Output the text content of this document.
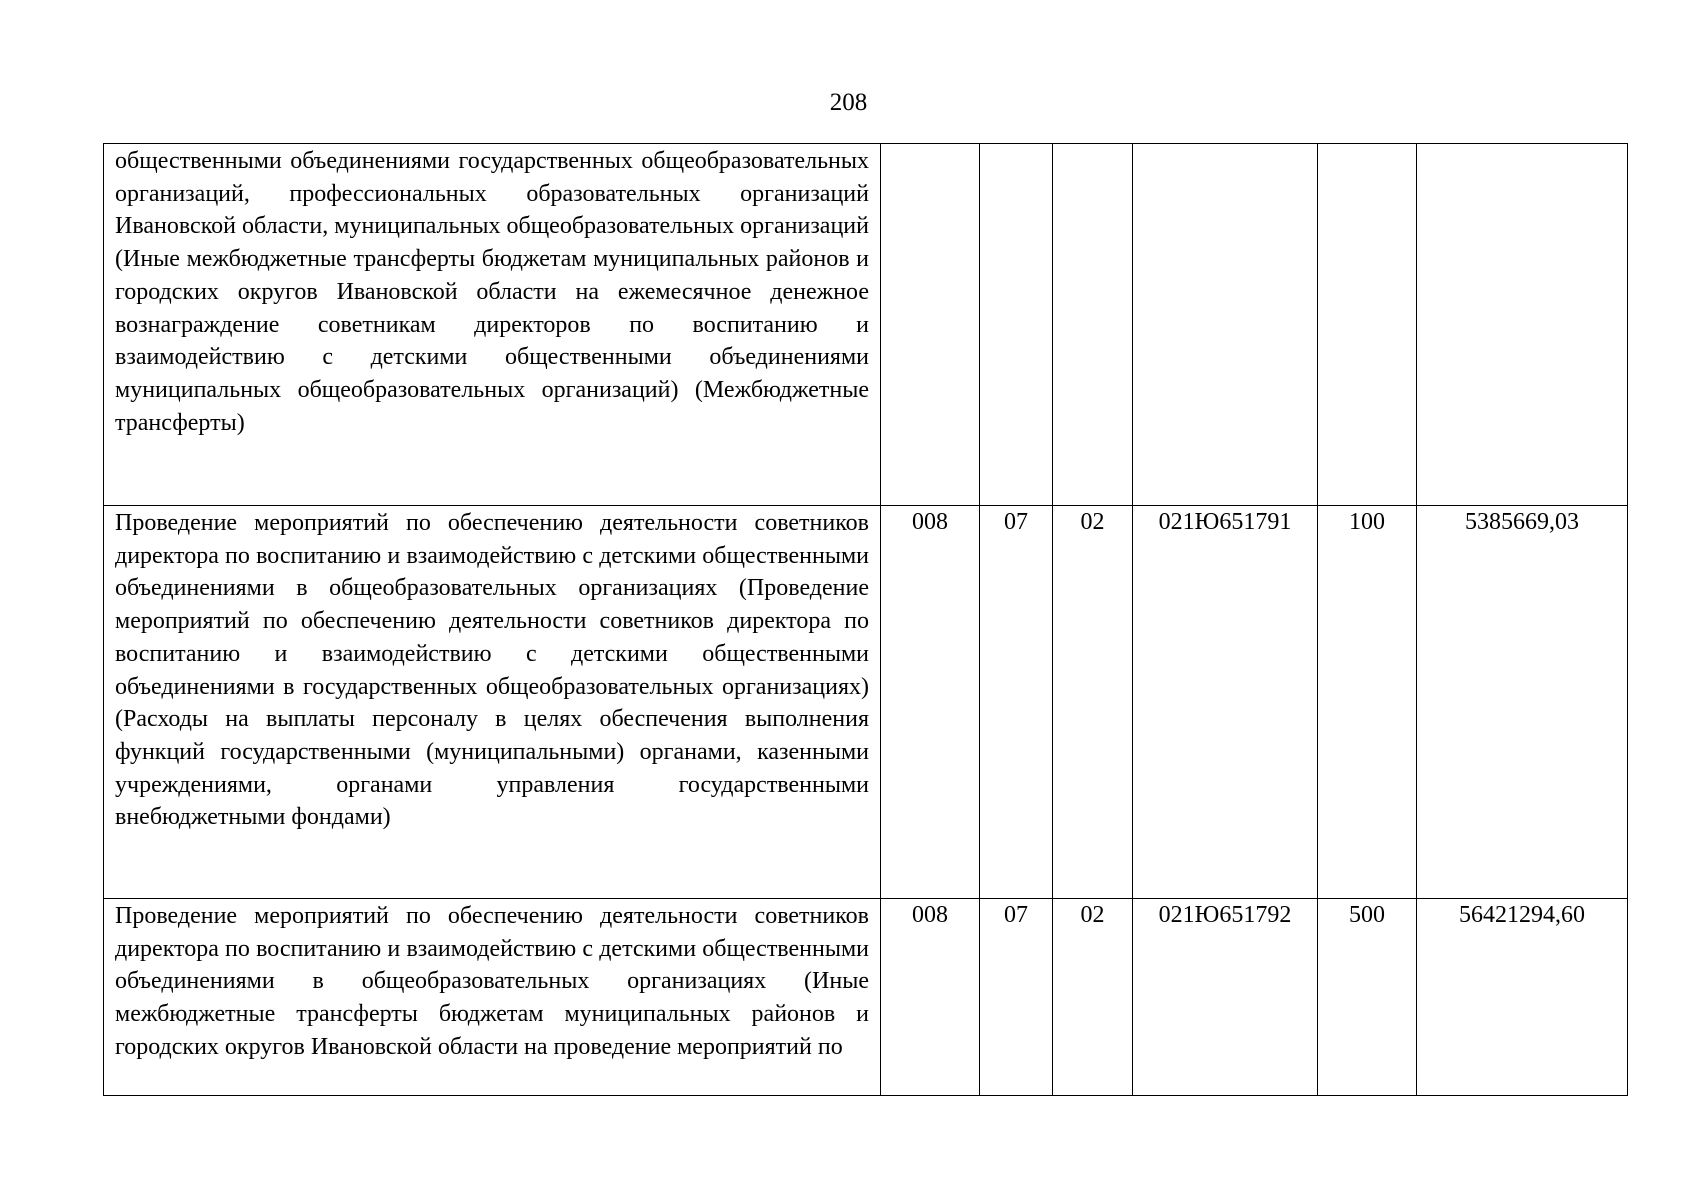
208
общественными объединениями государственных общеобразовательных организаций, профессиональных образовательных организаций Ивановской области, муниципальных общеобразовательных организаций (Иные межбюджетные трансферты бюджетам муниципальных районов и городских округов Ивановской области на ежемесячное денежное вознаграждение советникам директоров по воспитанию и взаимодействию с детскими общественными объединениями муниципальных общеобразовательных организаций) (Межбюджетные трансферты)						

Проведение мероприятий по обеспечению деятельности советников директора по воспитанию и взаимодействию с детскими общественными объединениями в общеобразовательных организациях (Проведение мероприятий по обеспечению деятельности советников директора по воспитанию и взаимодействию с детскими общественными объединениями в государственных общеобразовательных организациях) (Расходы на выплаты персоналу в целях обеспечения выполнения функций государственными (муниципальными) органами, казенными учреждениями, органами управления государственными внебюджетными фондами)	008	07	02	021Ю651791	100	5385669,03

Проведение мероприятий по обеспечению деятельности советников директора по воспитанию и взаимодействию с детскими общественными объединениями в общеобразовательных организациях (Иные межбюджетные трансферты бюджетам муниципальных районов и городских округов Ивановской области на проведение мероприятий по	008	07	02	021Ю651792	500	56421294,60
